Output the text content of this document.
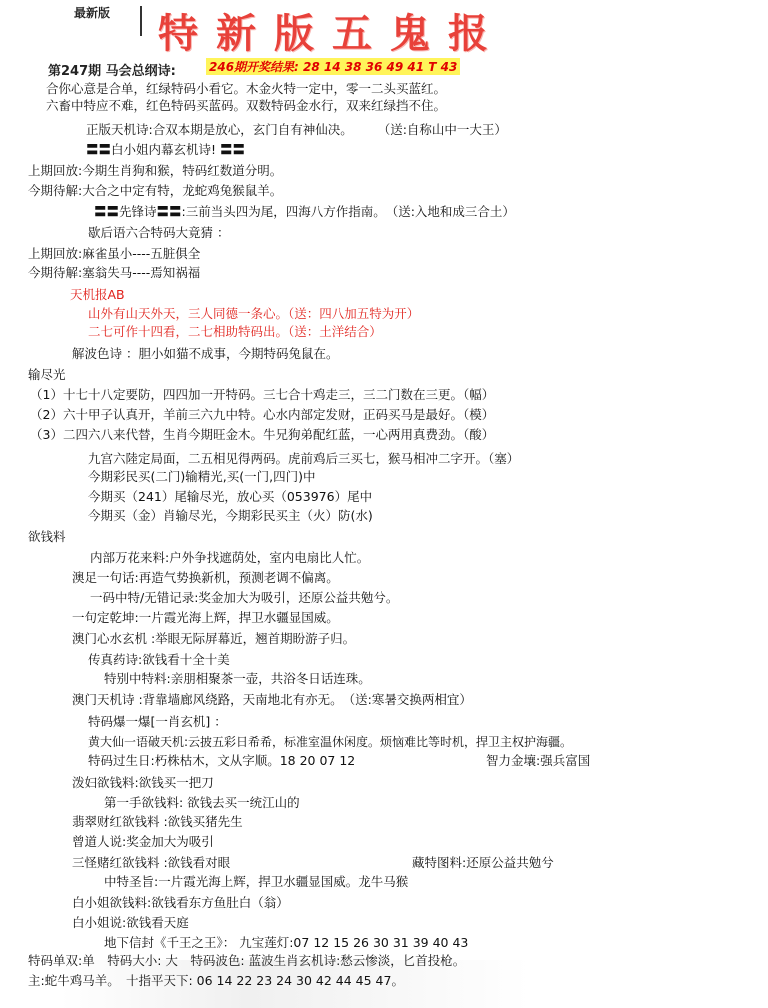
最新版 特新版五鬼报
第247期 马会总纲诗:	246期开奖结果: 28 14 38 36 49 41 T 43
合你心意是合单，红绿特码小看它。木金火特一定中，零一二头买蓝红。
六畜中特应不难，红色特码买蓝码。双数特码金水行，双来红绿挡不住。
正版天机诗:合双本期是放心，玄门自有神仙决。　　　（送:自称山中一大王）
〓〓白小姐内幕玄机诗! 〓〓
上期回放:今期生肖狗和猴，特码红数道分明。
今期待解:大合之中定有特，龙蛇鸡兔猴鼠羊。
〓〓先锋诗〓〓:三前当头四为尾，四海八方作指南。　（送:入地和成三合土）
歇后语六合特码大竟猜 ：
上期回放:麻雀虽小----五脏俱全
今期待解:塞翁失马----焉知祸福
天机报AB
山外有山天外天，三人同德一条心。（送：四八加五特为开）
二七可作十四看，二七相助特码出。（送：土洋结合）
解波色诗 ：胆小如猫不成事，今期特码兔鼠在。
输尽光
（1）十七十八定要防，四四加一开特码。三七合十鸡走三，三二门数在三更。（幅）
（2）六十甲子认真开，羊前三六九中特。心水内部定发财，正码买马是最好。（模）
（3）二四六八来代替，生肖今期旺金木。牛兄狗弟配红蓝，一心两用真费劲。（酸）
九宫六陸定局面，二五相见得两码。虎前鸡后三买七，猴马相冲二字开。（塞）
今期彩民买(二门)输精光,买(一门,四门)中
今期买（241）尾输尽光，放心买（053976）尾中
今期买（金）肖输尽光，今期彩民买主（火）防(水)
欲钱料
内部万花来料:户外争找遮荫处，室内电扇比人忙。
澳足一句话:再造气势换新机，预测老调不偏离。
一码中特/无错记录:奖金加大为吸引，还原公益共勉兮。
一句定乾坤:一片霞光海上辉，捍卫水疆显国威。
澳门心水玄机 :举眼无际屏幕近，翘首期盼游子归。
传真药诗:欲钱看十全十美
特别中特料:亲朋相聚茶一壶，共浴冬日话连珠。
澳门天机诗 :背靠墙廊风绕路，天南地北有亦无。　（送:寒暑交换两相宜）
特码爆一爆[一肖玄机] ：
黄大仙一语破天机:云披五彩日希希，标准室温休闲度。烦恼难比等时机，捍卫主权护海疆。
特码过生日:朽株枯木，文从字顺。18 20 07 12	智力金壤:强兵富国
泼妇欲钱料:欲钱买一把刀
第一手欲钱料: 欲钱去买一统江山的
翡翠财红欲钱料 :欲钱买猪先生
曾道人说:奖金加大为吸引
三怪赌红欲钱料 :欲钱看对眼	藏特图料:还原公益共勉兮
中特圣旨:一片霞光海上辉，捍卫水疆显国威。龙牛马猴
白小姐欲钱料:欲钱看东方鱼肚白（翁）
白小姐说:欲钱看天庭
地下信封《千王之王》： 九宝莲灯:07 12 15 26 30 31 39 40 43
特码单双:单　特码大小: 大　特码波色: 蓝波生肖玄机诗:愁云惨淡，匕首投枪。
主:蛇牛鸡马羊。　十指平天下: 06 14 22 23 24 30 42 44 45 47。
